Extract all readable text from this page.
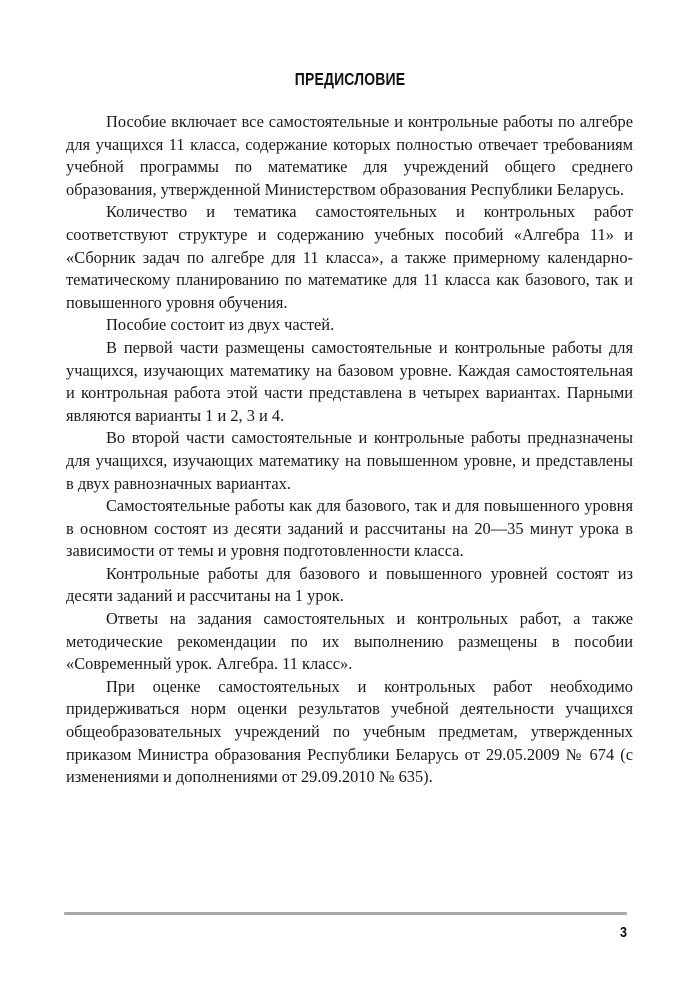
ПРЕДИСЛОВИЕ

Пособие включает все самостоятельные и контрольные работы по алгебре для учащихся 11 класса, содержание которых полностью отвечает требованиям учебной программы по математике для учреждений общего среднего образования, утвержденной Министерством образования Республики Беларусь.

Количество и тематика самостоятельных и контрольных работ соответствуют структуре и содержанию учебных пособий «Алгебра 11» и «Сборник задач по алгебре для 11 класса», а также примерному календарно-тематическому планированию по математике для 11 класса как базового, так и повышенного уровня обучения.

Пособие состоит из двух частей.

В первой части размещены самостоятельные и контрольные работы для учащихся, изучающих математику на базовом уровне. Каждая самостоятельная и контрольная работа этой части представлена в четырех вариантах. Парными являются варианты 1 и 2, 3 и 4.

Во второй части самостоятельные и контрольные работы предназначены для учащихся, изучающих математику на повышенном уровне, и представлены в двух равнозначных вариантах.

Самостоятельные работы как для базового, так и для повышенного уровня в основном состоят из десяти заданий и рассчитаны на 20—35 минут урока в зависимости от темы и уровня подготовленности класса.

Контрольные работы для базового и повышенного уровней состоят из десяти заданий и рассчитаны на 1 урок.

Ответы на задания самостоятельных и контрольных работ, а также методические рекомендации по их выполнению размещены в пособии «Современный урок. Алгебра. 11 класс».

При оценке самостоятельных и контрольных работ необходимо придерживаться норм оценки результатов учебной деятельности учащихся общеобразовательных учреждений по учебным предметам, утвержденных приказом Министра образования Республики Беларусь от 29.05.2009 № 674 (с изменениями и дополнениями от 29.09.2010 № 635).

3
